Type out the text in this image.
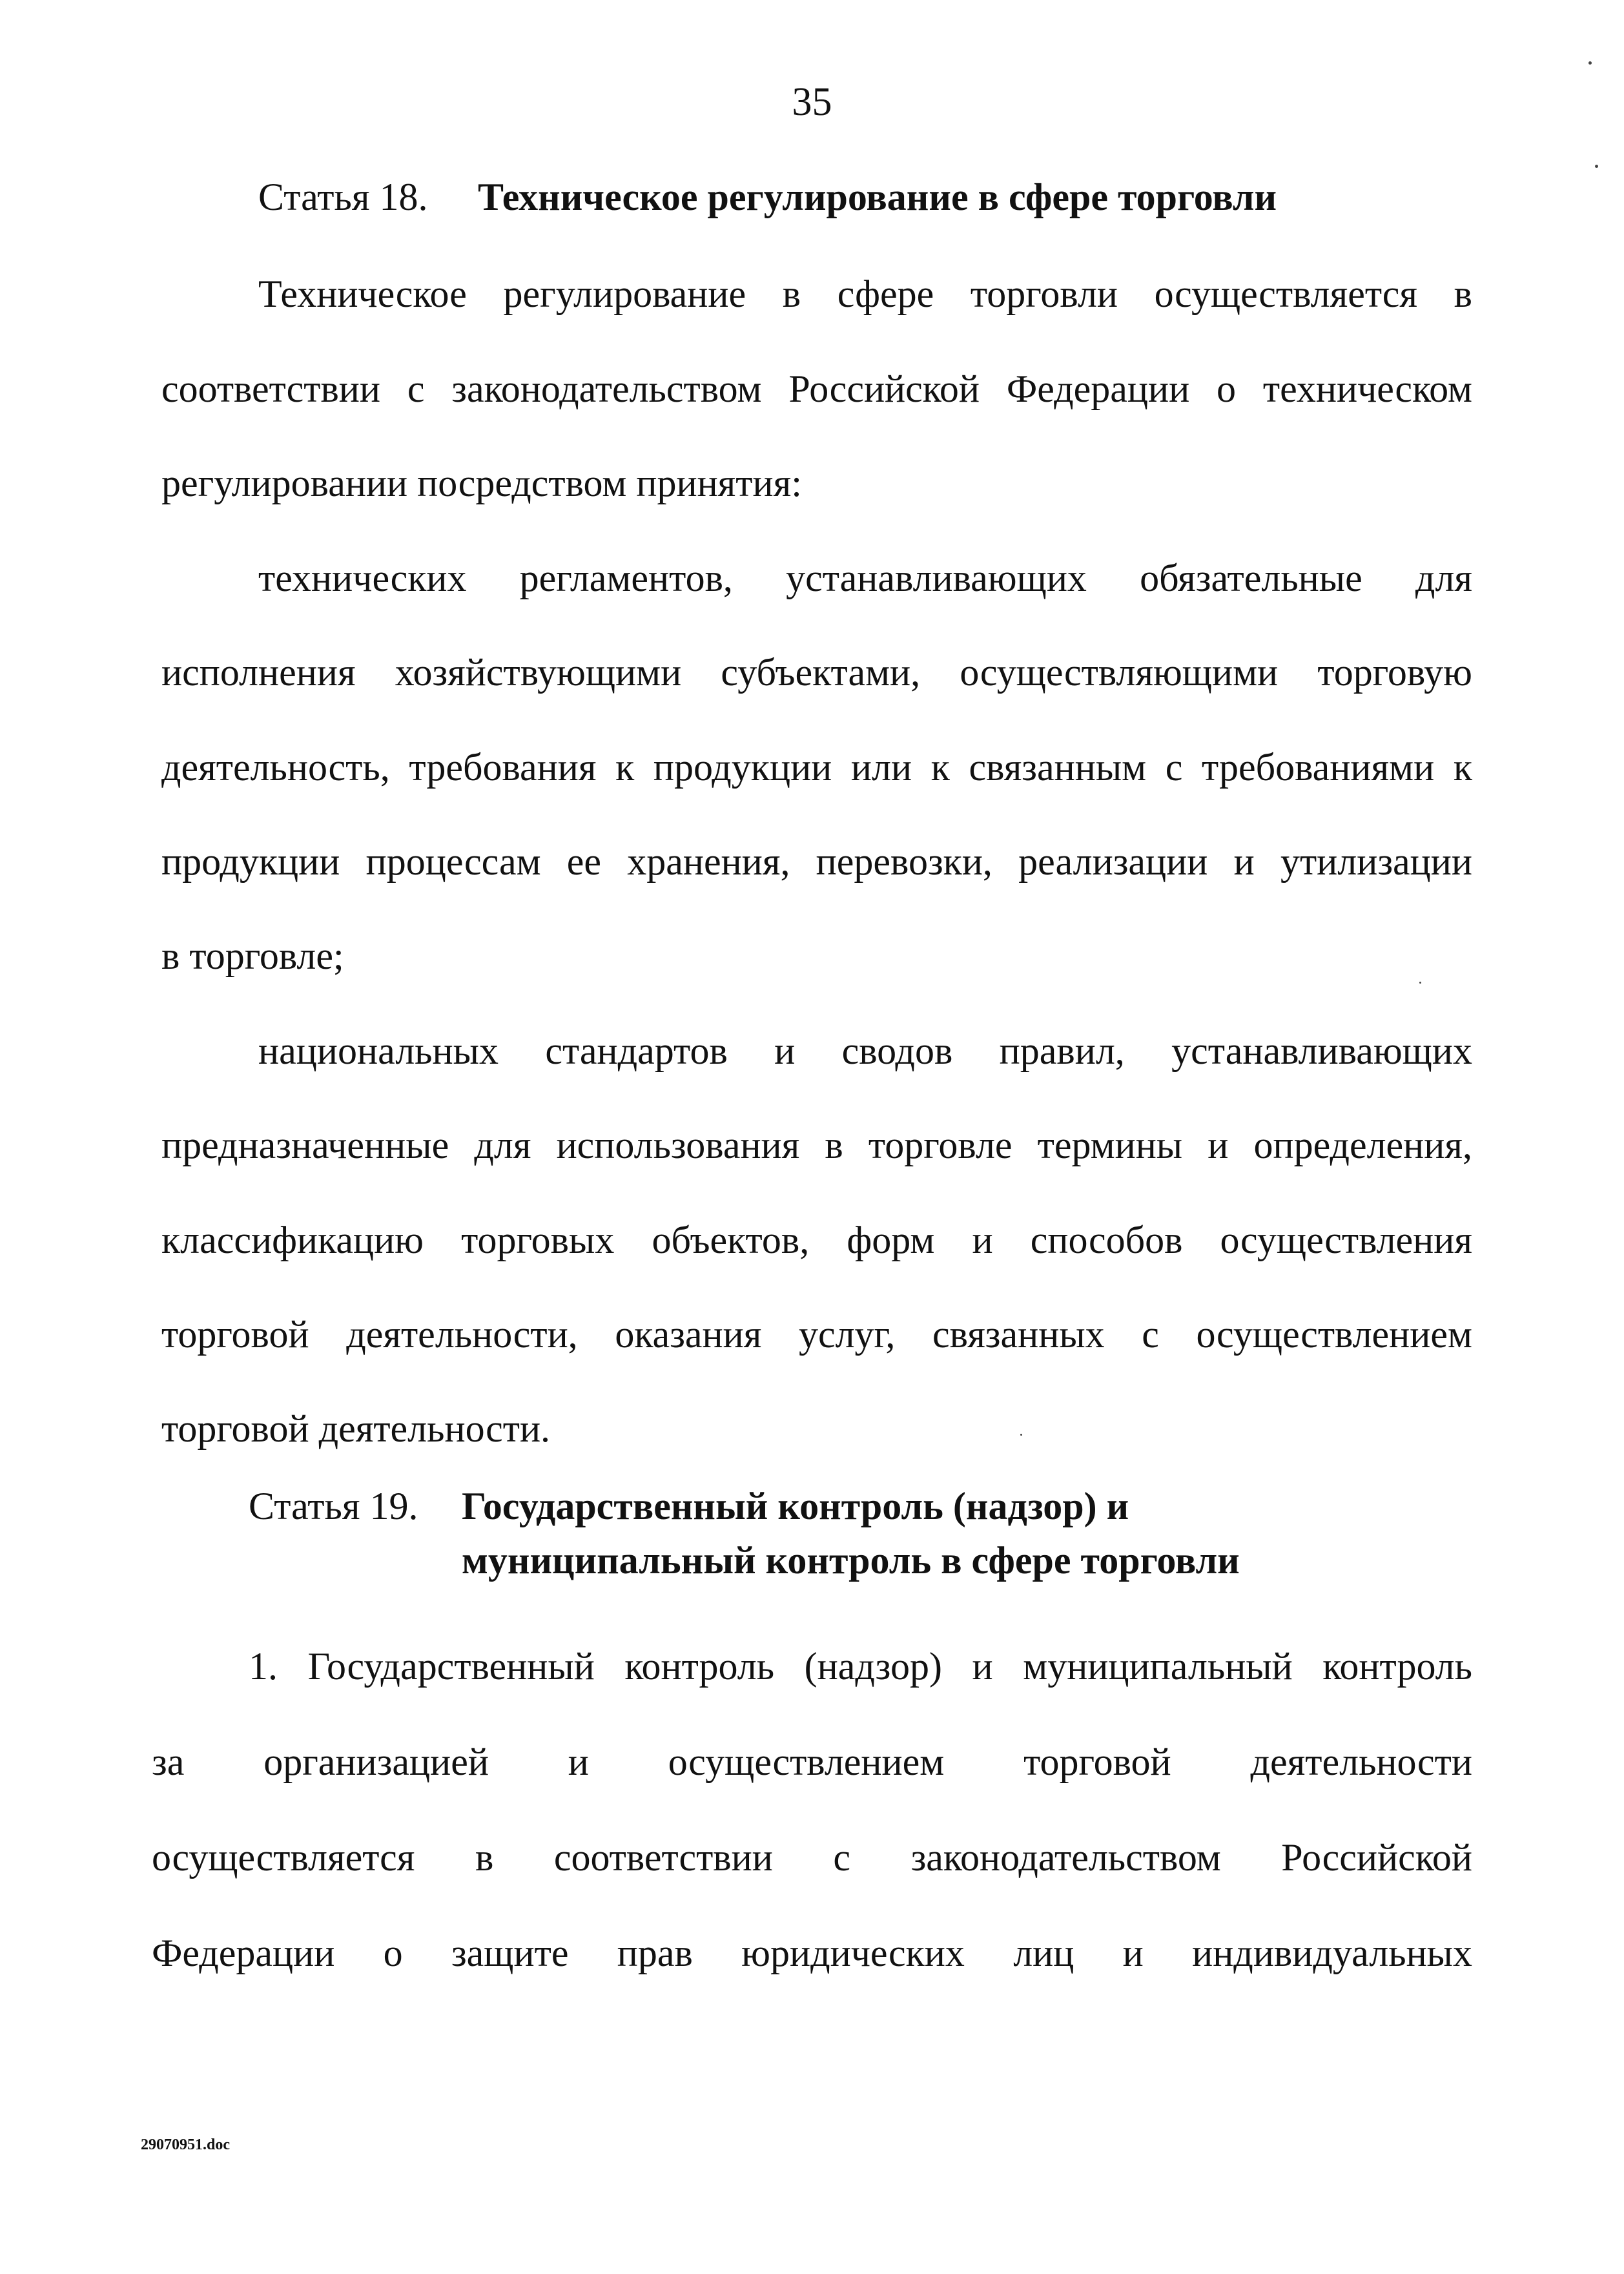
35
Статья 18. Техническое регулирование в сфере торговли
Техническое регулирование в сфере торговли осуществляется в
соответствии с законодательством Российской Федерации о техническом
регулировании посредством принятия:
технических регламентов, устанавливающих обязательные для
исполнения хозяйствующими субъектами, осуществляющими торговую
деятельность, требования к продукции или к связанным с требованиями к
продукции процессам ее хранения, перевозки, реализации и утилизации
в торговле;
национальных стандартов и сводов правил, устанавливающих
предназначенные для использования в торговле термины и определения,
классификацию торговых объектов, форм и способов осуществления
торговой деятельности, оказания услуг, связанных с осуществлением
торговой деятельности.
Статья 19. Государственный контроль (надзор) и
муниципальный контроль в сфере торговли
1. Государственный контроль (надзор) и муниципальный контроль
за организацией и осуществлением торговой деятельности
осуществляется в соответствии с законодательством Российской
Федерации о защите прав юридических лиц и индивидуальных
29070951.doc
